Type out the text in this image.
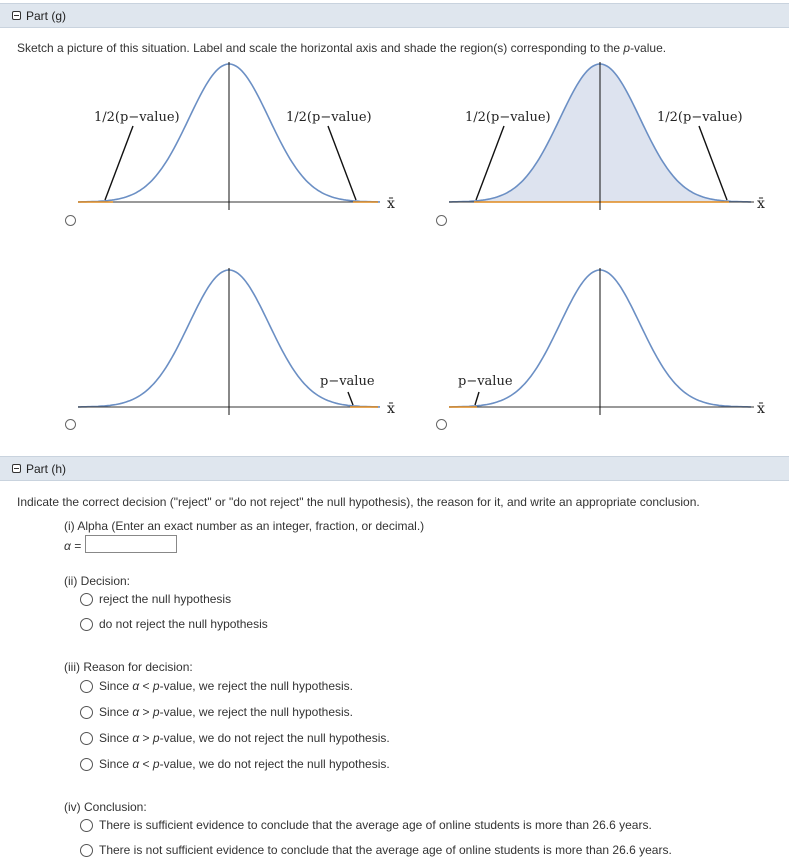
Part (g)
Sketch a picture of this situation. Label and scale the horizontal axis and shade the region(s) corresponding to the p-value.
1/2(p−value)	1/2(p−value)
x̄
1/2(p−value)	1/2(p−value)
x̄
p−value
x̄
p−value
x̄
Part (h)
Indicate the correct decision ("reject" or "do not reject" the null hypothesis), the reason for it, and write an appropriate conclusion.
(i) Alpha (Enter an exact number as an integer, fraction, or decimal.)
α =
(ii) Decision:
reject the null hypothesis
do not reject the null hypothesis
(iii) Reason for decision:
Since α < p-value, we reject the null hypothesis.
Since α > p-value, we reject the null hypothesis.
Since α > p-value, we do not reject the null hypothesis.
Since α < p-value, we do not reject the null hypothesis.
(iv) Conclusion:
There is sufficient evidence to conclude that the average age of online students is more than 26.6 years.
There is not sufficient evidence to conclude that the average age of online students is more than 26.6 years.
